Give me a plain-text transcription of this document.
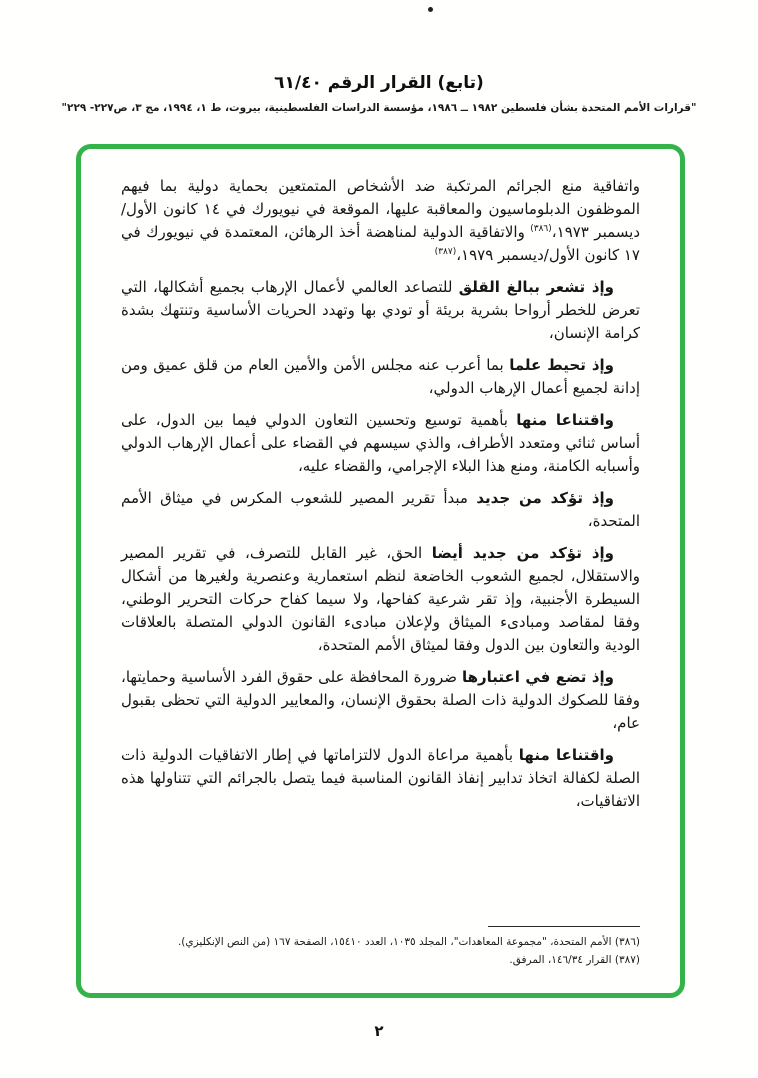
(تابع) القرار الرقم ٦١/٤٠
"قرارات الأمم المتحدة بشأن فلسطين ١٩٨٢ ــ ١٩٨٦، مؤسسة الدراسات الفلسطينية، بيروت، ط ١، ١٩٩٤، مج ٣، ص٢٢٧- ٢٢٩"

واتفاقية منع الجرائم المرتكبة ضد الأشخاص المتمتعين بحماية دولية بما فيهم الموظفون الدبلوماسيون والمعاقبة عليها، الموقعة في نيويورك في ١٤ كانون الأول/ديسمبر ١٩٧٣،$^{(٣٨٦)}$ والاتفاقية الدولية لمناهضة أخذ الرهائن، المعتمدة في نيويورك في ١٧ كانون الأول/ديسمبر ١٩٧٩،$^{(٣٨٧)}$

وإذ تشعر ببالغ القلق للتصاعد العالمي لأعمال الإرهاب بجميع أشكالها، التي تعرض للخطر أرواحا بشرية بريئة أو تودي بها وتهدد الحريات الأساسية وتنتهك بشدة كرامة الإنسان،

وإذ تحيط علما بما أعرب عنه مجلس الأمن والأمين العام من قلق عميق ومن إدانة لجميع أعمال الإرهاب الدولي،

واقتناعا منها بأهمية توسيع وتحسين التعاون الدولي فيما بين الدول، على أساس ثنائي ومتعدد الأطراف، والذي سيسهم في القضاء على أعمال الإرهاب الدولي وأسبابه الكامنة، ومنع هذا البلاء الإجرامي، والقضاء عليه،

وإذ تؤكد من جديد مبدأ تقرير المصير للشعوب المكرس في ميثاق الأمم المتحدة،

وإذ تؤكد من جديد أيضا الحق، غير القابل للتصرف، في تقرير المصير والاستقلال، لجميع الشعوب الخاضعة لنظم استعمارية وعنصرية ولغيرها من أشكال السيطرة الأجنبية، وإذ تقر شرعية كفاحها، ولا سيما كفاح حركات التحرير الوطني، وفقا لمقاصد ومبادىء الميثاق ولإعلان مبادىء القانون الدولي المتصلة بالعلاقات الودية والتعاون بين الدول وفقا لميثاق الأمم المتحدة،

وإذ تضع في اعتبارها ضرورة المحافظة على حقوق الفرد الأساسية وحمايتها، وفقا للصكوك الدولية ذات الصلة بحقوق الإنسان، والمعايير الدولية التي تحظى بقبول عام،

واقتناعا منها بأهمية مراعاة الدول لالتزاماتها في إطار الاتفاقيات الدولية ذات الصلة لكفالة اتخاذ تدابير إنفاذ القانون المناسبة فيما يتصل بالجرائم التي تتناولها هذه الاتفاقيات،

(٣٨٦) الأمم المتحدة، "مجموعة المعاهدات"، المجلد ١٠٣٥، العدد ١٥٤١٠، الصفحة ١٦٧ (من النص الإنكليزي).

(٣٨٧) القرار ١٤٦/٣٤، المرفق.

٢
